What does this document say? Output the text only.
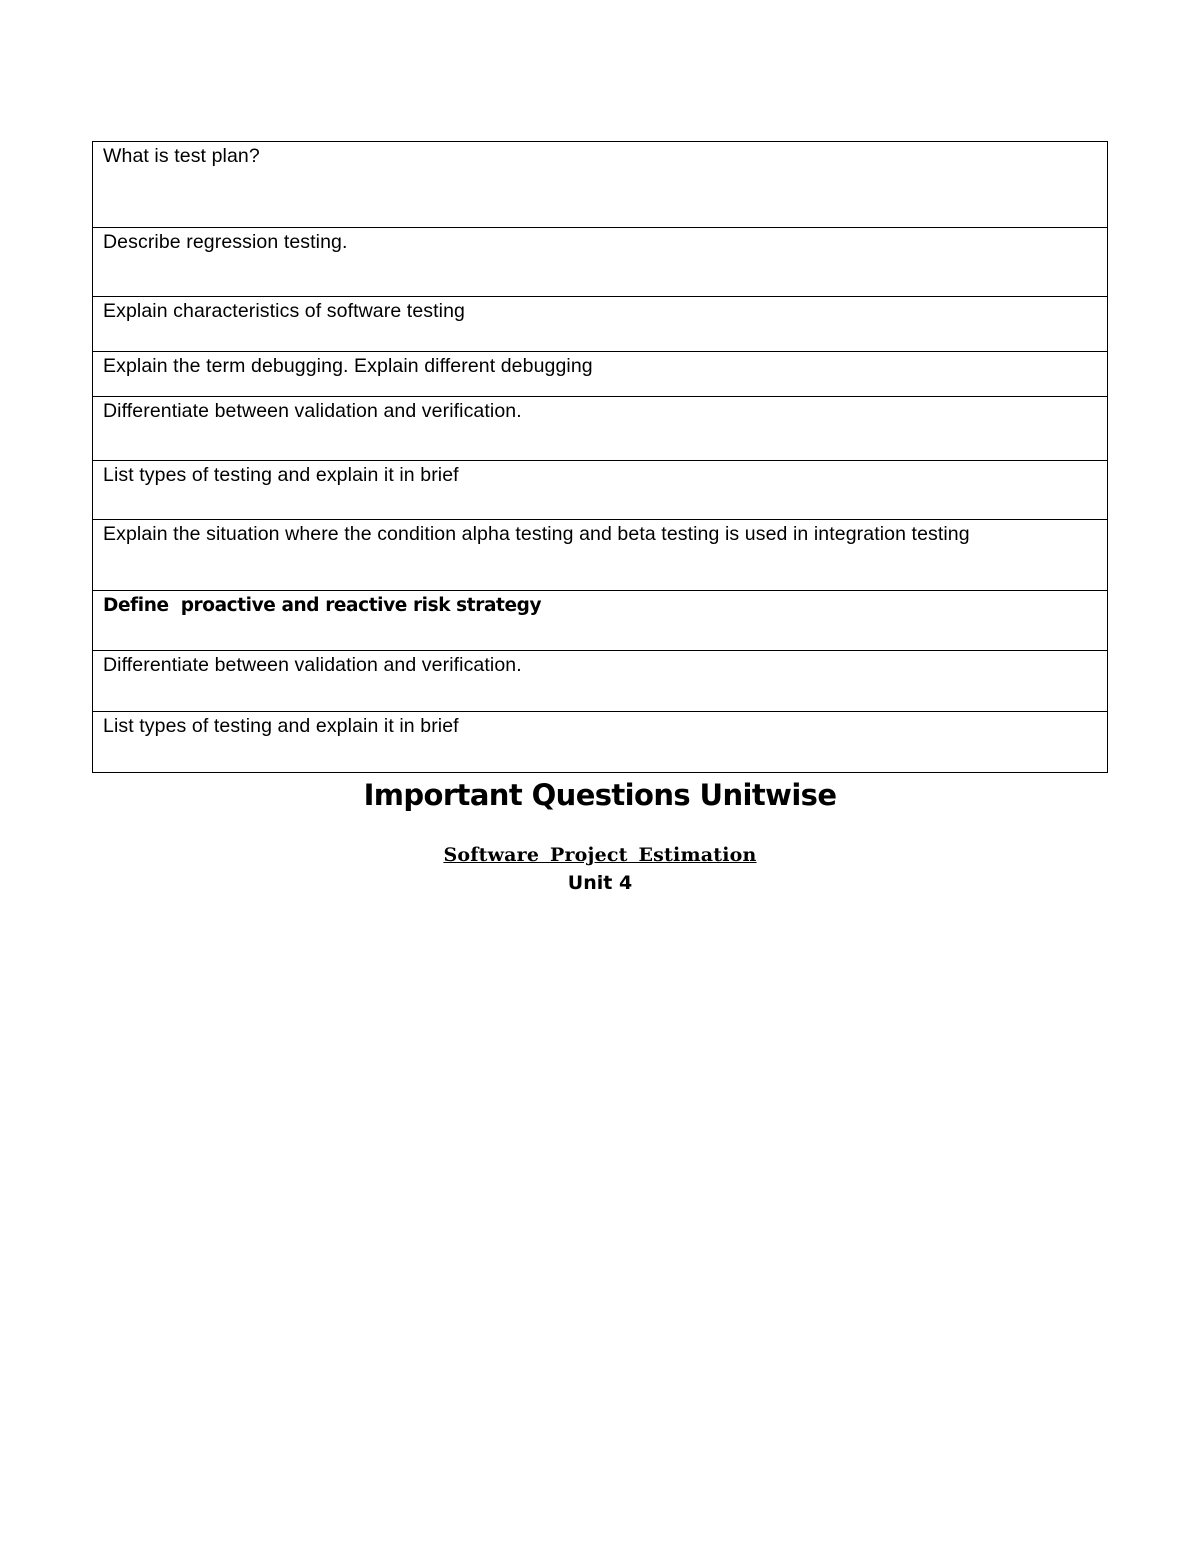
What is test plan?
Describe regression testing.
Explain characteristics of software testing
Explain the term debugging. Explain different debugging
Differentiate between validation and verification.
List types of testing and explain it in brief
Explain the situation where the condition alpha testing and beta testing is used in integration testing
Define  proactive and reactive risk strategy
Differentiate between validation and verification.
List types of testing and explain it in brief
Important Questions Unitwise
Software Project Estimation
Unit 4
